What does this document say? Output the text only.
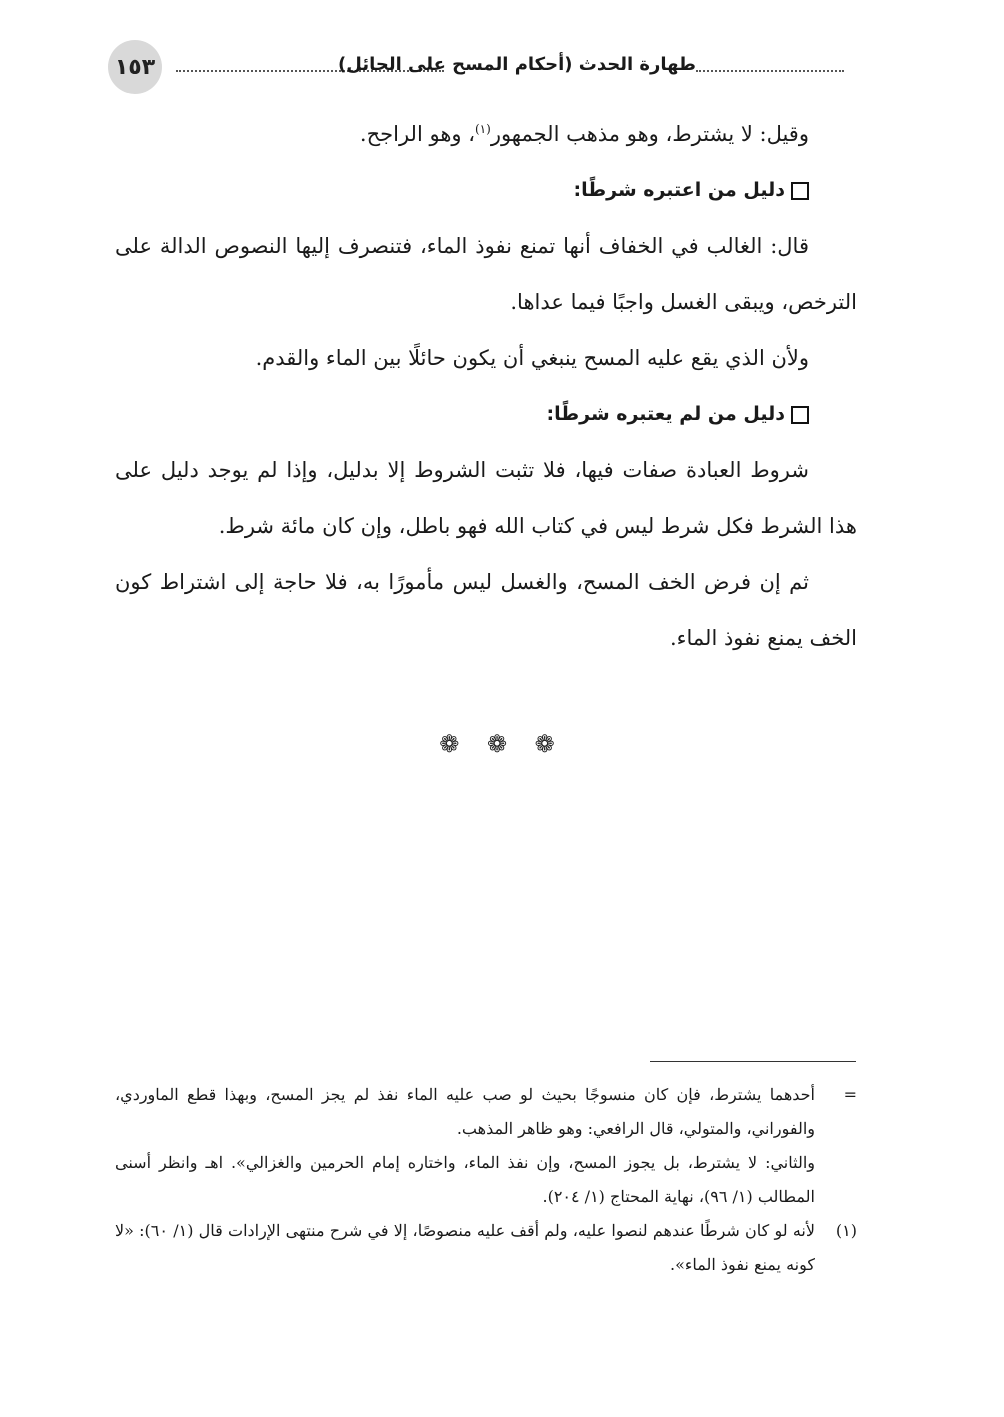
١٥٣	طهارة الحدث (أحكام المسح على الحائل)

وقيل: لا يشترط، وهو مذهب الجمهور$^{(١)}$، وهو الراجح.

دليل من اعتبره شرطًا:

قال: الغالب في الخفاف أنها تمنع نفوذ الماء، فتنصرف إليها النصوص الدالة على الترخص، ويبقى الغسل واجبًا فيما عداها.

ولأن الذي يقع عليه المسح ينبغي أن يكون حائلًا بين الماء والقدم.

دليل من لم يعتبره شرطًا:

شروط العبادة صفات فيها، فلا تثبت الشروط إلا بدليل، وإذا لم يوجد دليل على هذا الشرط فكل شرط ليس في كتاب الله فهو باطل، وإن كان مائة شرط.

ثم إن فرض الخف المسح، والغسل ليس مأمورًا به، فلا حاجة إلى اشتراط كون الخف يمنع نفوذ الماء.

❁ ❁ ❁
=

أحدهما يشترط، فإن كان منسوجًا بحيث لو صب عليه الماء نفذ لم يجز المسح، وبهذا قطع الماوردي، والفوراني، والمتولي، قال الرافعي: وهو ظاهر المذهب.

والثاني: لا يشترط، بل يجوز المسح، وإن نفذ الماء، واختاره إمام الحرمين والغزالي». اهـ وانظر أسنى المطالب (١/ ٩٦)، نهاية المحتاج (١/ ٢٠٤).

(١)
لأنه لو كان شرطًا عندهم لنصوا عليه، ولم أقف عليه منصوصًا، إلا في شرح منتهى الإرادات قال (١/ ٦٠): «لا كونه يمنع نفوذ الماء».
